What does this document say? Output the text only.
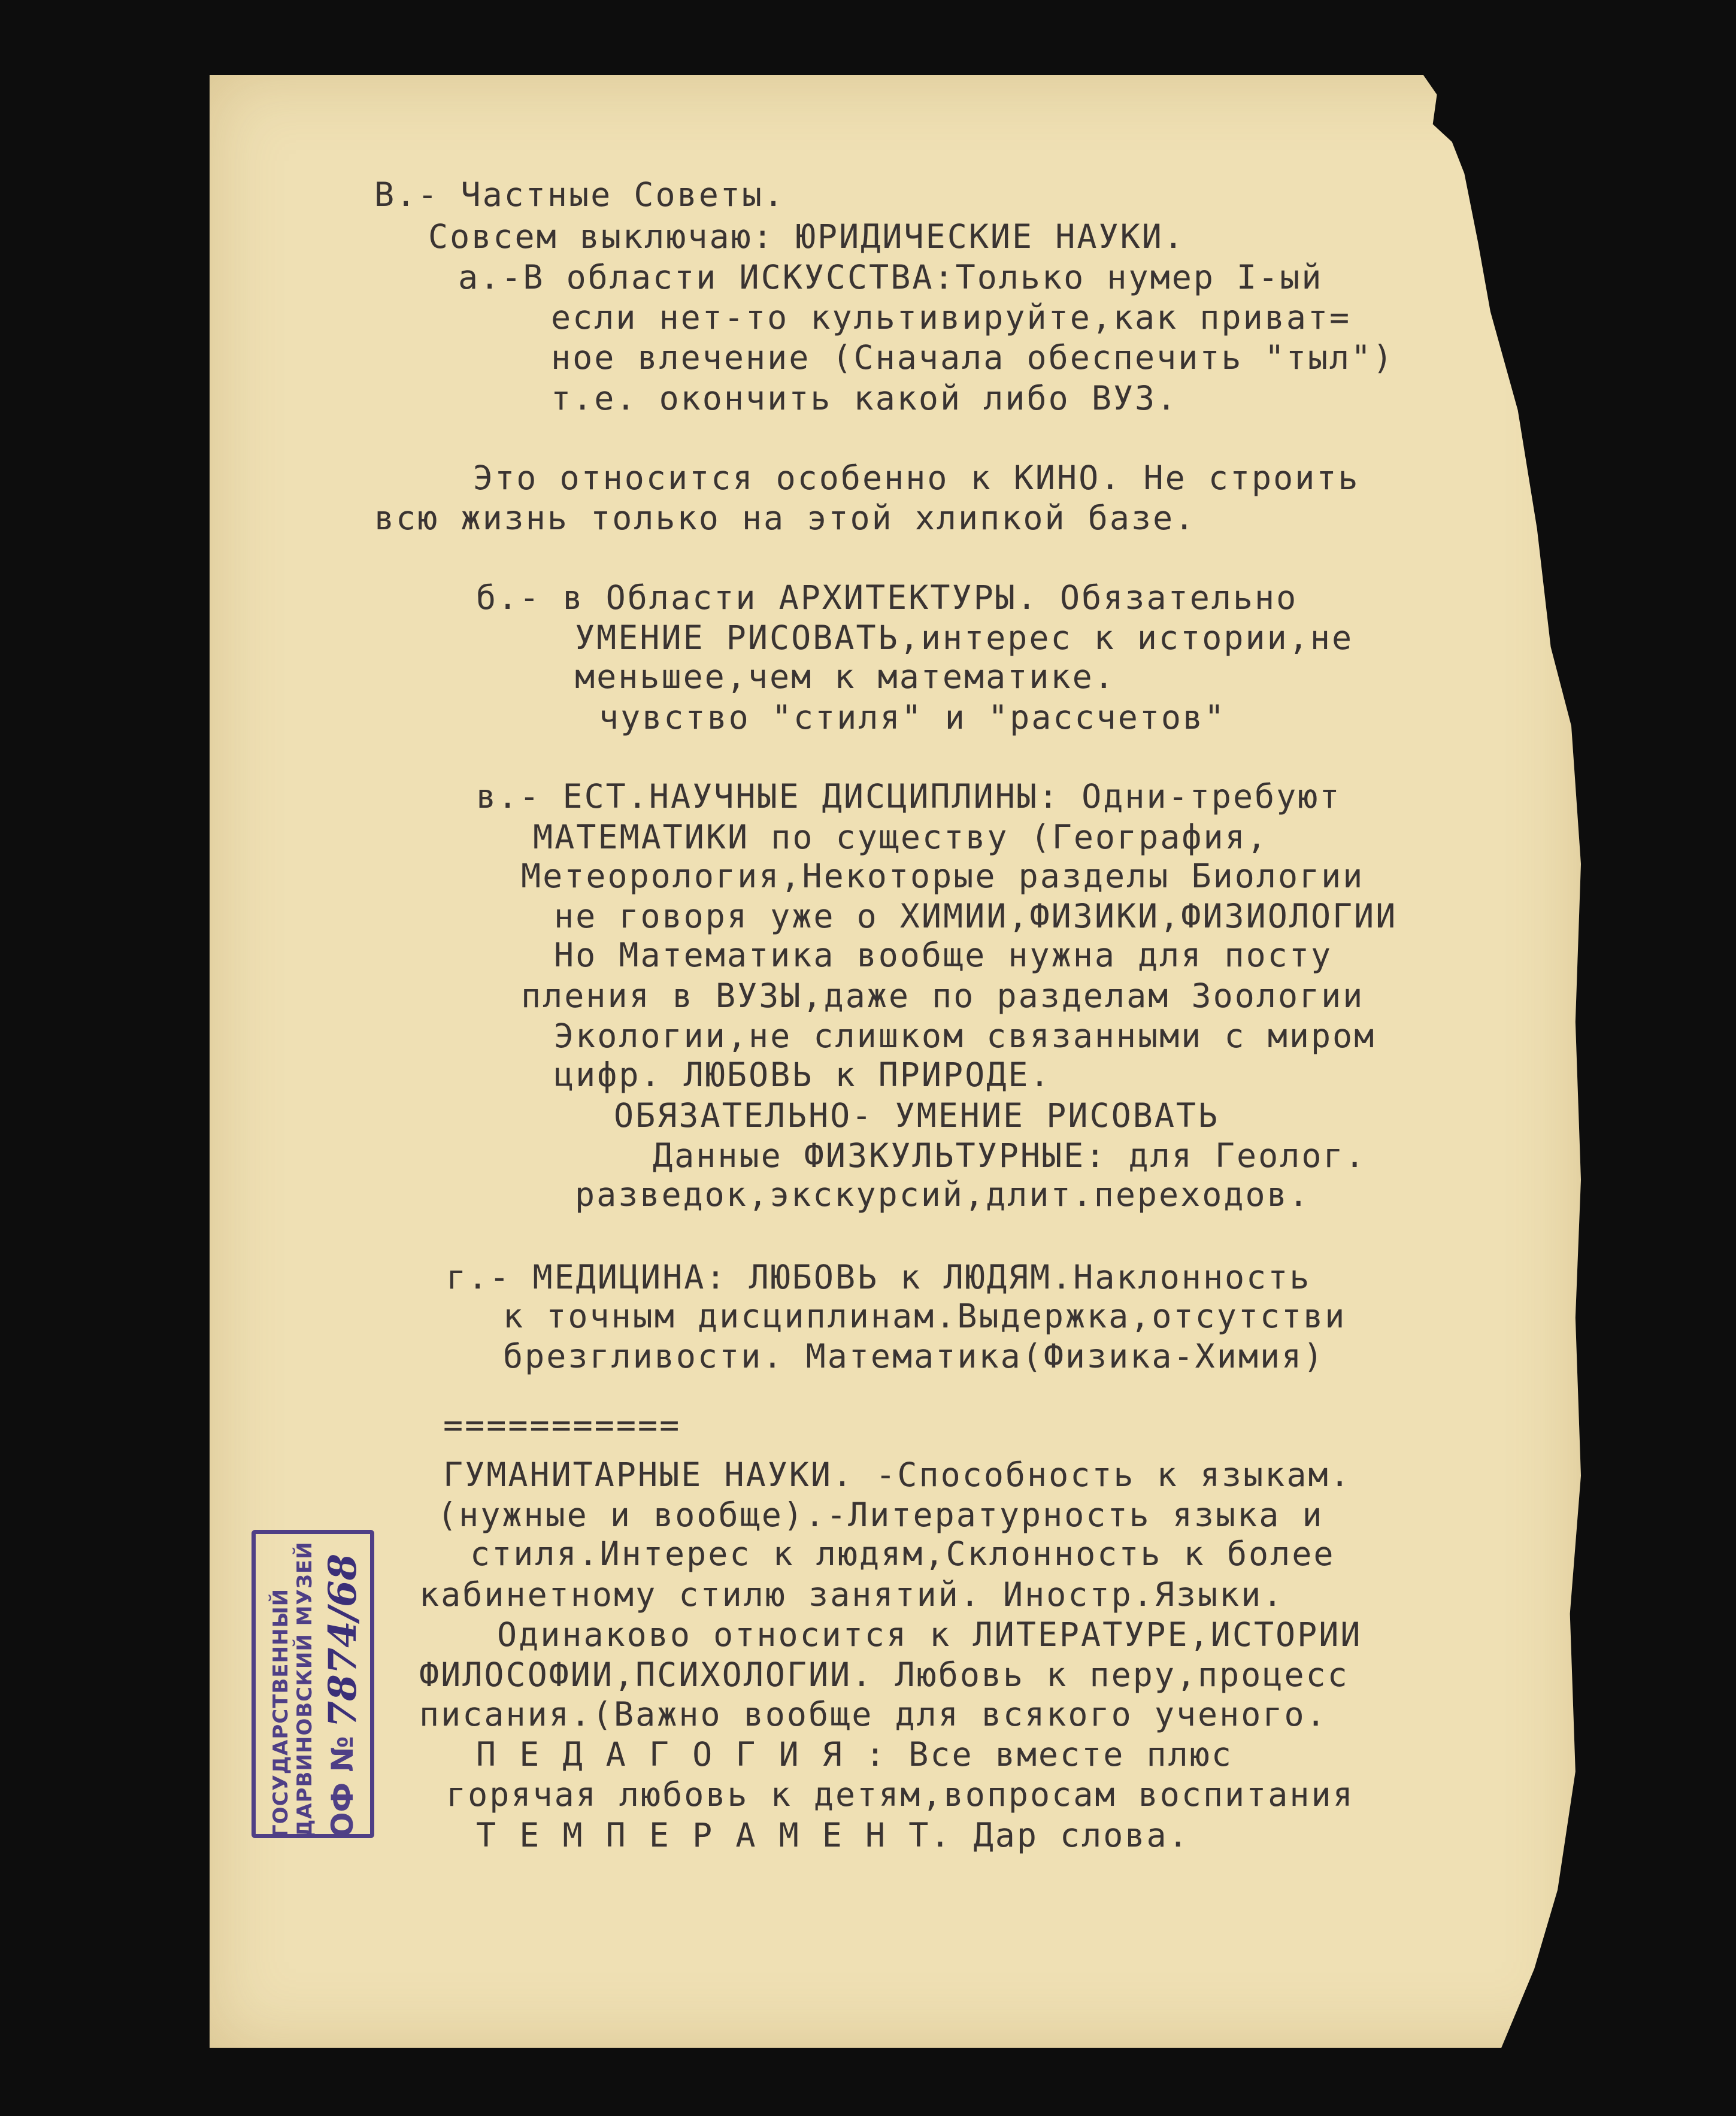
В.- Частные Советы.
Совсем выключаю: ЮРИДИЧЕСКИЕ НАУКИ.
а.-В области ИСКУССТВА:Только нумер I-ый
если нет-то культивируйте,как приват=
ное влечение (Сначала обеспечить "тыл")
т.е. окончить какой либо ВУЗ.
Это относится особенно к КИНО. Не строить
всю жизнь только на этой хлипкой базе.
б.- в Области АРХИТЕКТУРЫ. Обязательно
УМЕНИЕ РИСОВАТЬ,интерес к истории,не
меньшее,чем к математике.
чувство "стиля" и "рассчетов"
в.- ЕСТ.НАУЧНЫЕ ДИСЦИПЛИНЫ: Одни-требуют
МАТЕМАТИКИ по существу (География,
Метеорология,Некоторые разделы Биологии
не говоря уже о ХИМИИ,ФИЗИКИ,ФИЗИОЛОГИИ
Но Математика вообще нужна для посту
пления в ВУЗЫ,даже по разделам Зоологии
Экологии,не слишком связанными с миром
цифр. ЛЮБОВЬ к ПРИРОДЕ.
ОБЯЗАТЕЛЬНО- УМЕНИЕ РИСОВАТЬ
Данные ФИЗКУЛЬТУРНЫЕ: для Геолог.
разведок,экскурсий,длит.переходов.
г.- МЕДИЦИНА: ЛЮБОВЬ к ЛЮДЯМ.Наклонность
к точным дисциплинам.Выдержка,отсутстви
брезгливости. Математика(Физика-Химия)
===========
ГУМАНИТАРНЫЕ НАУКИ. -Способность к языкам.
(нужные и вообще).-Литературность языка и
стиля.Интерес к людям,Склонность к более
кабинетному стилю занятий. Иностр.Языки.
Одинаково относится к ЛИТЕРАТУРЕ,ИСТОРИИ
ФИЛОСОФИИ,ПСИХОЛОГИИ. Любовь к перу,процесс
писания.(Важно вообще для всякого ученого.
П Е Д А Г О Г И Я : Все вместе плюс
горячая любовь к детям,вопросам воспитания
Т Е М П Е Р А М Е Н Т. Дар слова.
ГОСУДАРСТВЕННЫЙ ДАРВИНОВСКИЙ МУЗЕЙ ОФ №
7874/68
